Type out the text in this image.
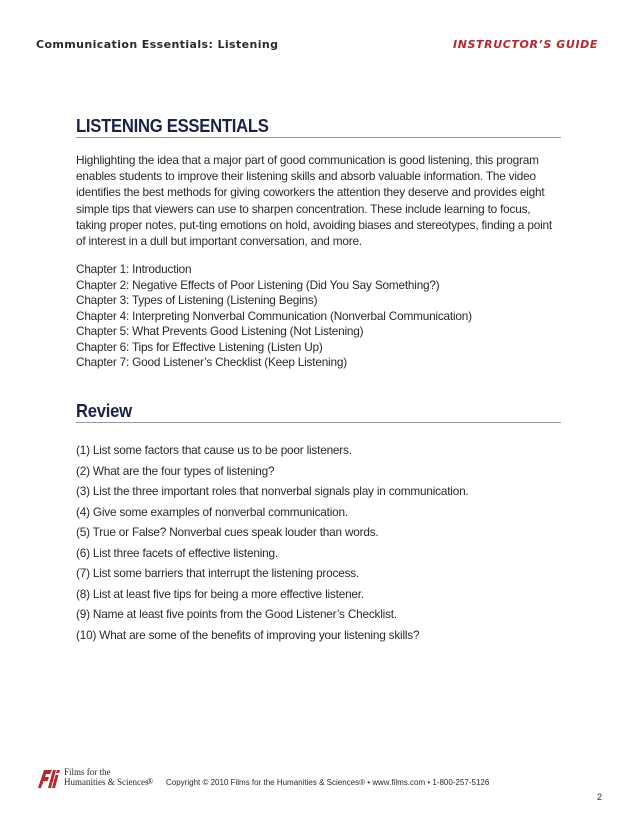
Communication Essentials: Listening	INSTRUCTOR’S GUIDE
LISTENING ESSENTIALS

Highlighting the idea that a major part of good communication is good listening, this program enables students to improve their listening skills and absorb valuable information. The video identifies the best methods for giving coworkers the attention they deserve and provides eight simple tips that viewers can use to sharpen concentration. These include learning to focus, taking proper notes, put-ting emotions on hold, avoiding biases and stereotypes, finding a point of interest in a dull but important conversation, and more.

Chapter 1: Introduction
Chapter 2: Negative Effects of Poor Listening (Did You Say Something?)
Chapter 3: Types of Listening (Listening Begins)
Chapter 4: Interpreting Nonverbal Communication (Nonverbal Communication)
Chapter 5: What Prevents Good Listening (Not Listening)
Chapter 6: Tips for Effective Listening (Listen Up)
Chapter 7: Good Listener’s Checklist (Keep Listening)
Review
(1) List some factors that cause us to be poor listeners.
(2) What are the four types of listening?
(3) List the three important roles that nonverbal signals play in communication.
(4) Give some examples of nonverbal communication.
(5) True or False? Nonverbal cues speak louder than words.
(6) List three facets of effective listening.
(7) List some barriers that interrupt the listening process.
(8) List at least five tips for being a more effective listener.
(9) Name at least five points from the Good Listener’s Checklist.
(10) What are some of the benefits of improving your listening skills?
Films for the
Humanities & Sciences
® Copyright © 2010 Films for the Humanities & Sciences® • www.films.com • 1-800-257-5126
2
